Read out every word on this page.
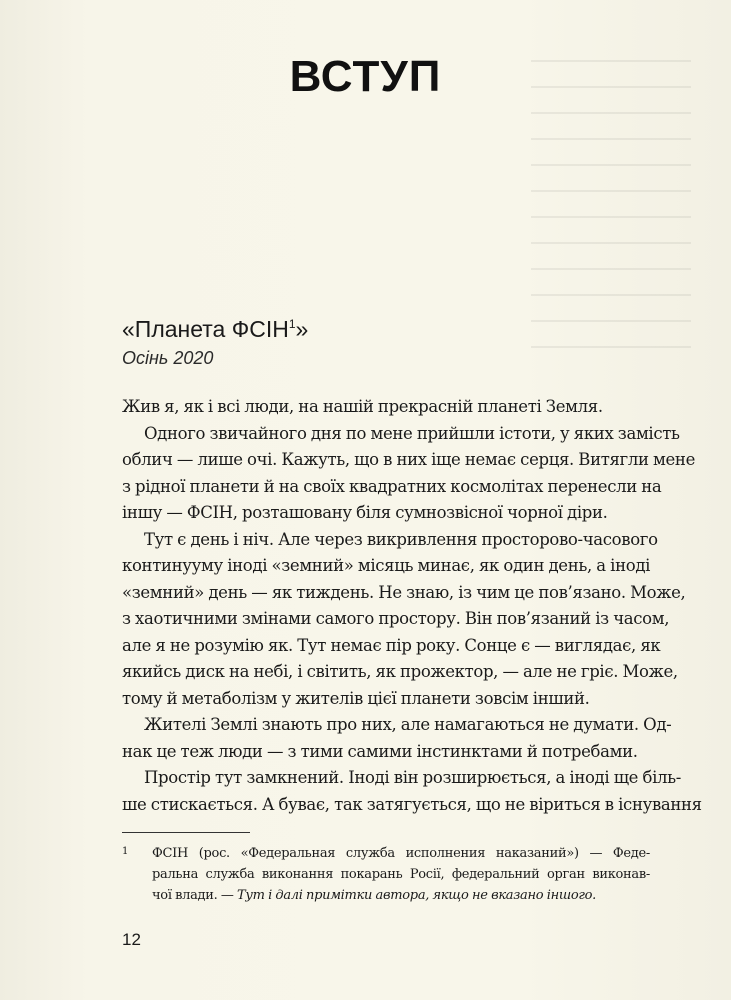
ВСТУП
«Планета ФСІН$^1$»
Осінь 2020
Жив я, як і всі люди, на нашій прекрасній планеті Земля.
Одного звичайного дня по мене прийшли істоти, у яких замість
облич — лише очі. Кажуть, що в них іще немає серця. Витягли мене
з рідної планети й на своїх квадратних космолітах перенесли на
іншу — ФСІН, розташовану біля сумнозвісної чорної діри.
Тут є день і ніч. Але через викривлення просторово-часового
континууму іноді «земний» місяць минає, як один день, а іноді
«земний» день — як тиждень. Не знаю, із чим це пов’язано. Може,
з хаотичними змінами самого простору. Він пов’язаний із часом,
але я не розумію як. Тут немає пір року. Сонце є — виглядає, як
якийсь диск на небі, і світить, як прожектор, — але не гріє. Може,
тому й метаболізм у жителів цієї планети зовсім інший.
Жителі Землі знають про них, але намагаються не думати. Од-
нак це теж люди — з тими самими інстинктами й потребами.
Простір тут замкнений. Іноді він розширюється, а іноді ще біль-
ше стискається. А буває, так затягується, що не віриться в існування
1 ФСІН (рос. «Федеральная служба исполнения наказаний») — Феде-
ральна служба виконання покарань Росії, федеральний орган виконав-
чої влади. — Тут і далі примітки автора, якщо не вказано іншого.
12
